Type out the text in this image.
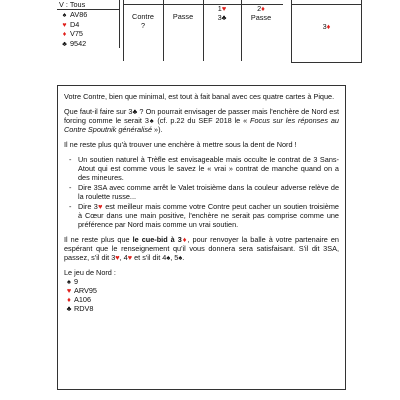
V : Tous
♠ AV86
♥ D4
♦ V75
♣ 9542
Contre
?
Passe
1♥
3♣
2♦
Passe
3♦

Votre Contre, bien que minimal, est tout à fait banal avec ces quatre cartes à Pique.

Que faut-il faire sur 3♣ ? On pourrait envisager de passer mais l'enchère de Nord est forcing comme le serait 3♠ (cf. p.22 du SEF 2018 le « Focus sur les réponses au Contre Spoutnik généralisé »).

Il ne reste plus qu'à trouver une enchère à mettre sous la dent de Nord !

- Un soutien naturel à Trèfle est envisageable mais occulte le contrat de 3 Sans-Atout qui est comme vous le savez le « vrai » contrat de manche quand on a des mineures.
- Dire 3SA avec comme arrêt le Valet troisième dans la couleur adverse relève de la roulette russe...
- Dire 3♥ est meilleur mais comme votre Contre peut cacher un soutien troisième à Cœur dans une main positive, l'enchère ne serait pas comprise comme une préférence par Nord mais comme un vrai soutien.

Il ne reste plus que le cue-bid à 3♦, pour renvoyer la balle à votre partenaire en espérant que le renseignement qu'il vous donnera sera satisfaisant. S'il dit 3SA, passez, s'il dit 3♥, 4♥ et s'il dit 4♠, 5♠.

Le jeu de Nord :
♠ 9
♥ ARV95
♦ A106
♣ RDV8
